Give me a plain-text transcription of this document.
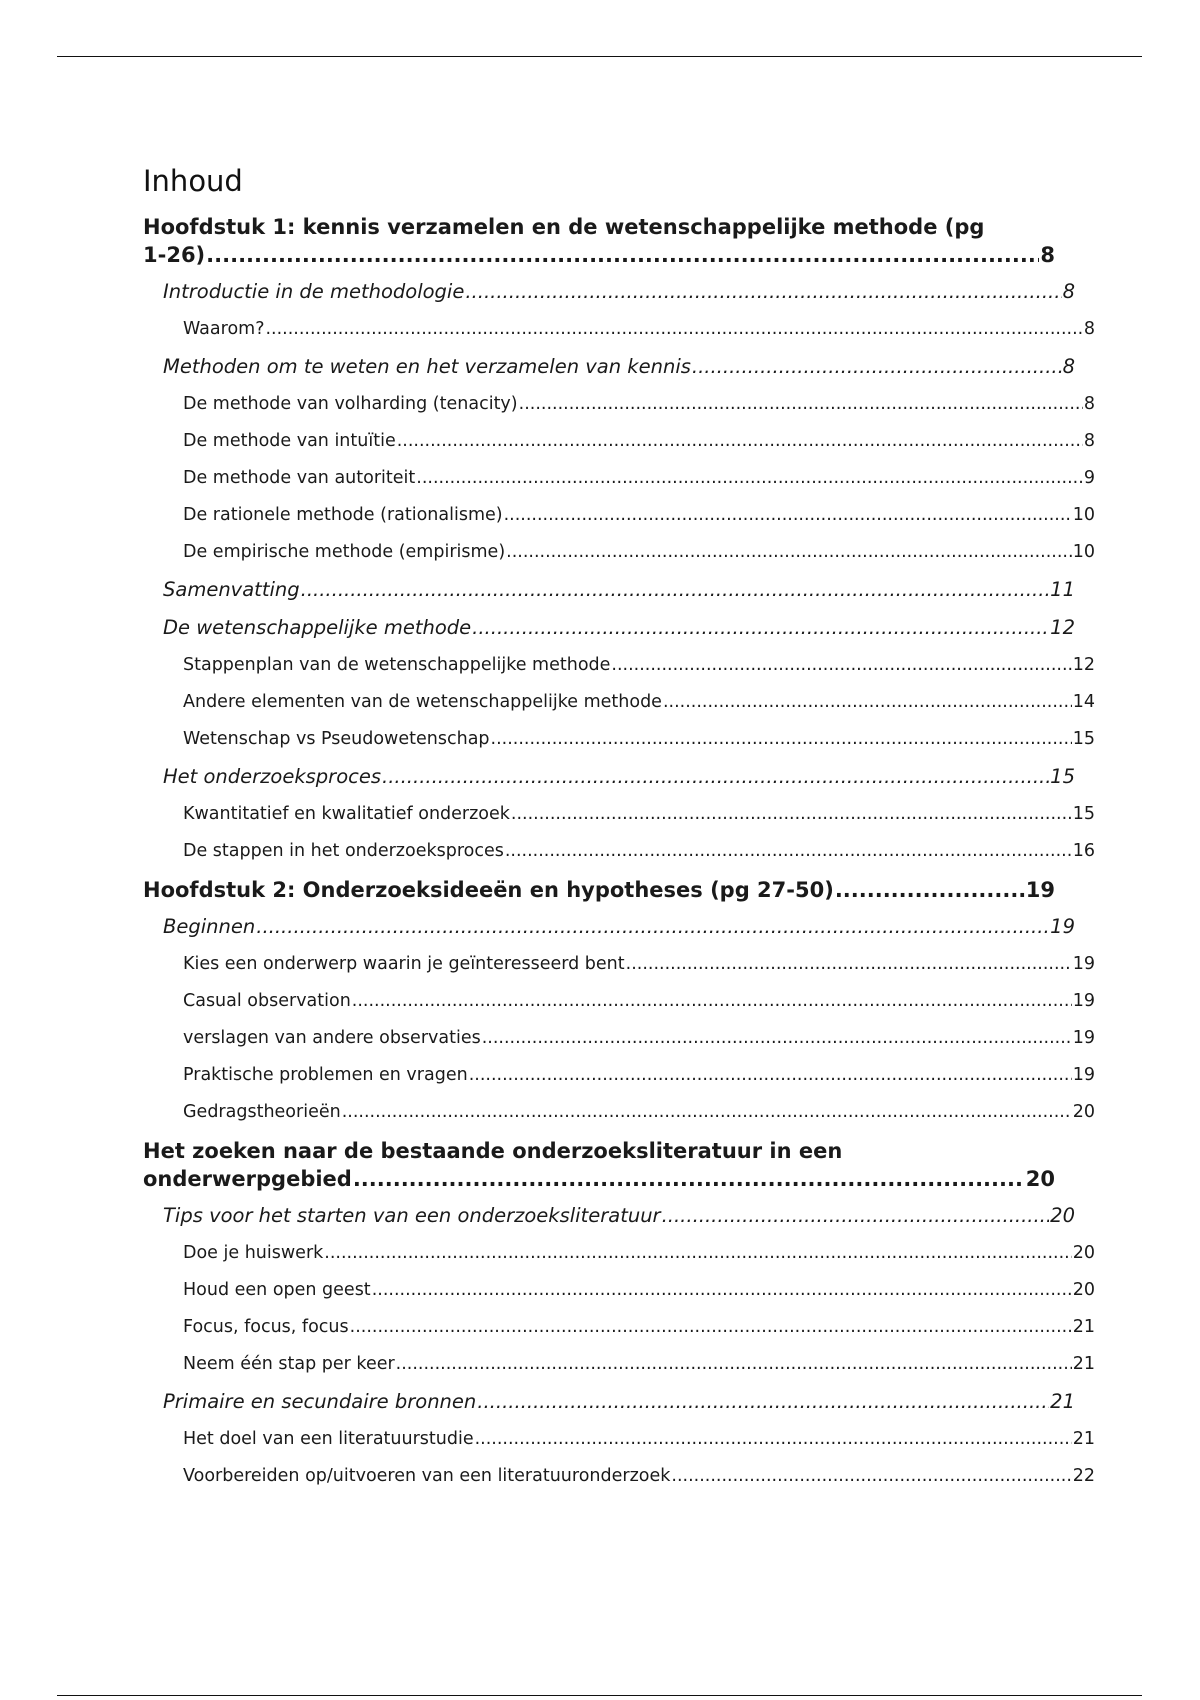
Inhoud
Hoofdstuk 1: kennis verzamelen en de wetenschappelijke methode (pg
1-26) .....	8
Introductie in de methodologie .....	8
Waarom? .....	8
Methoden om te weten en het verzamelen van kennis .....	8
De methode van volharding (tenacity) .....	8
De methode van intuïtie .....	8
De methode van autoriteit .....	9
De rationele methode (rationalisme) .....	10
De empirische methode (empirisme) .....	10
Samenvatting .....	11
De wetenschappelijke methode .....	12
Stappenplan van de wetenschappelijke methode .....	12
Andere elementen van de wetenschappelijke methode .....	14
Wetenschap vs Pseudowetenschap .....	15
Het onderzoeksproces .....	15
Kwantitatief en kwalitatief onderzoek .....	15
De stappen in het onderzoeksproces .....	16
Hoofdstuk 2: Onderzoeksideeën en hypotheses (pg 27-50) .....	19
Beginnen .....	19
Kies een onderwerp waarin je geïnteresseerd bent .....	19
Casual observation .....	19
verslagen van andere observaties .....	19
Praktische problemen en vragen .....	19
Gedragstheorieën .....	20
Het zoeken naar de bestaande onderzoeksliteratuur in een
onderwerpgebied .....	20
Tips voor het starten van een onderzoeksliteratuur .....	20
Doe je huiswerk .....	20
Houd een open geest .....	20
Focus, focus, focus .....	21
Neem één stap per keer .....	21
Primaire en secundaire bronnen .....	21
Het doel van een literatuurstudie .....	21
Voorbereiden op/uitvoeren van een literatuuronderzoek .....	22
